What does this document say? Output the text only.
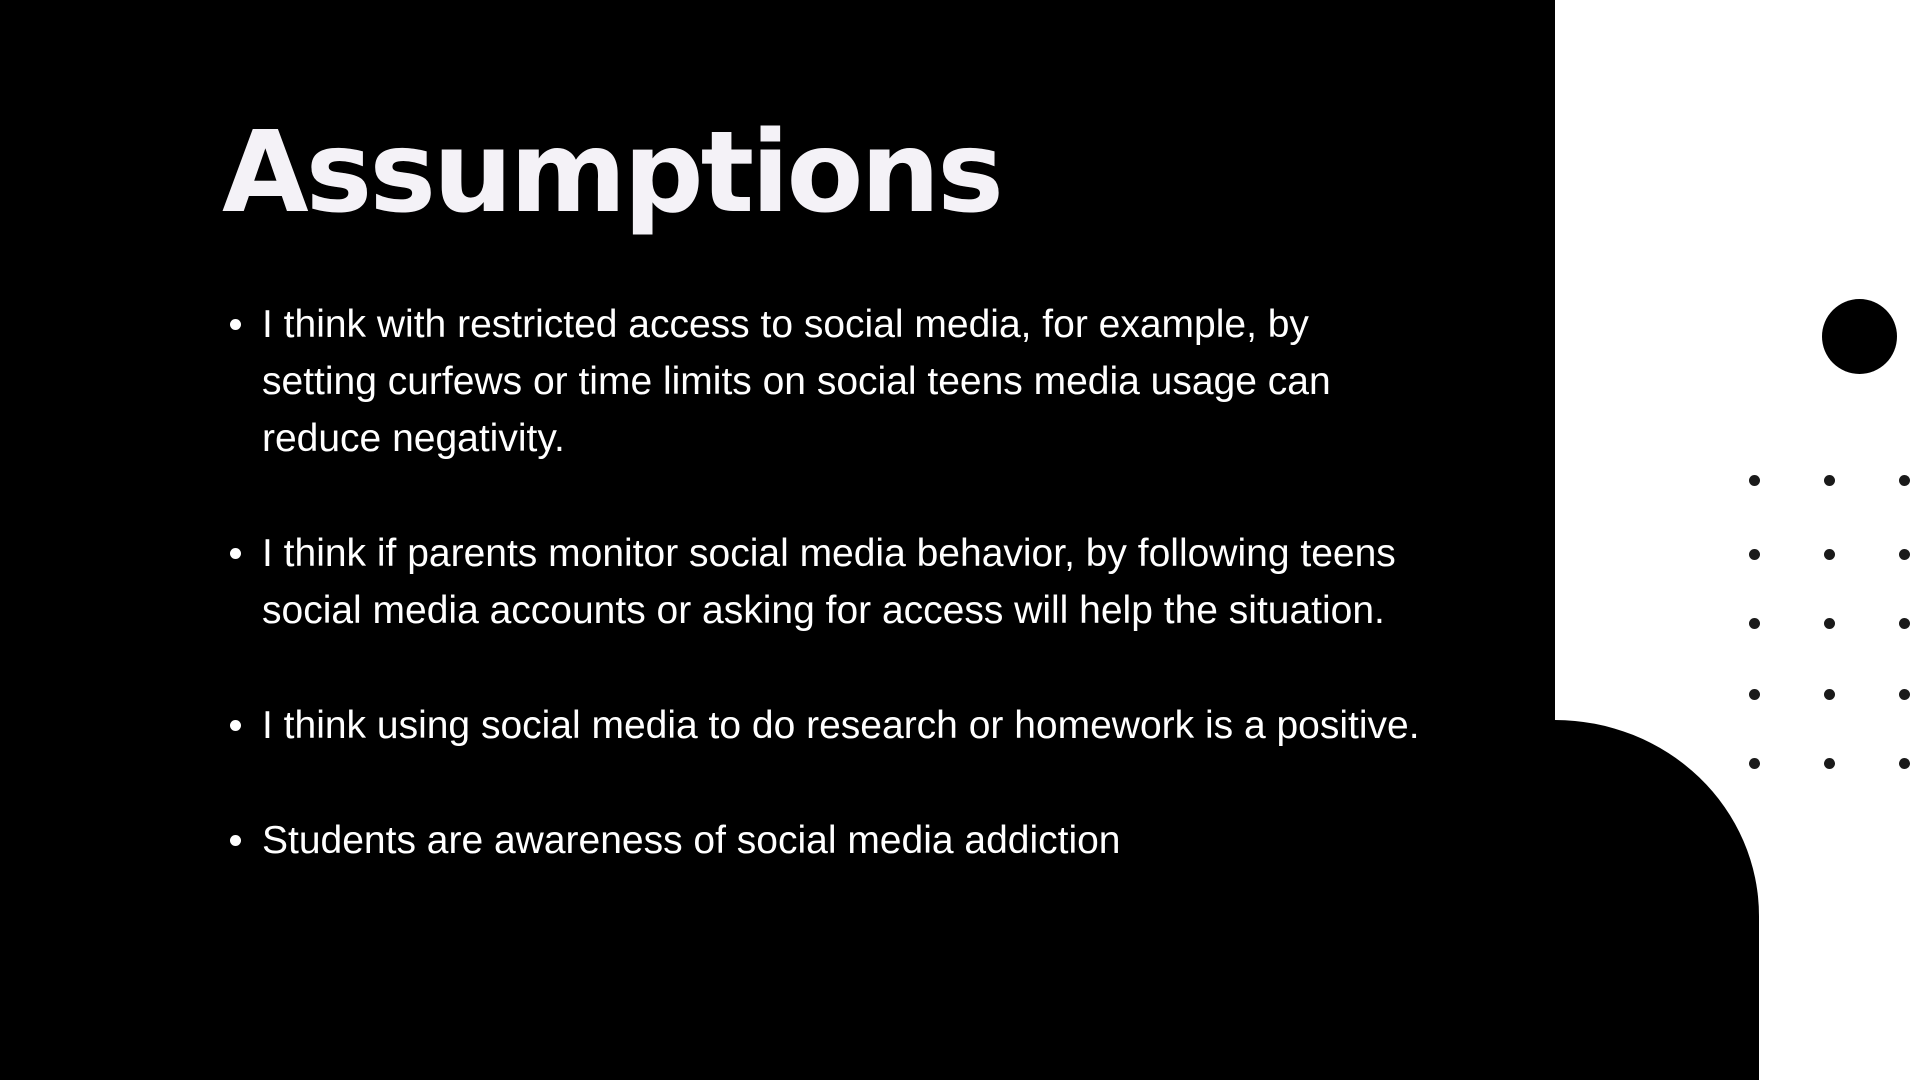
Assumptions
I think with restricted access to social media, for example, by setting curfews or time limits on social teens media usage can reduce negativity.
I think if parents monitor social media behavior, by following teens social media accounts or asking for access will help the situation.
I think using social media to do research or homework is a positive.
Students are awareness of social media addiction
